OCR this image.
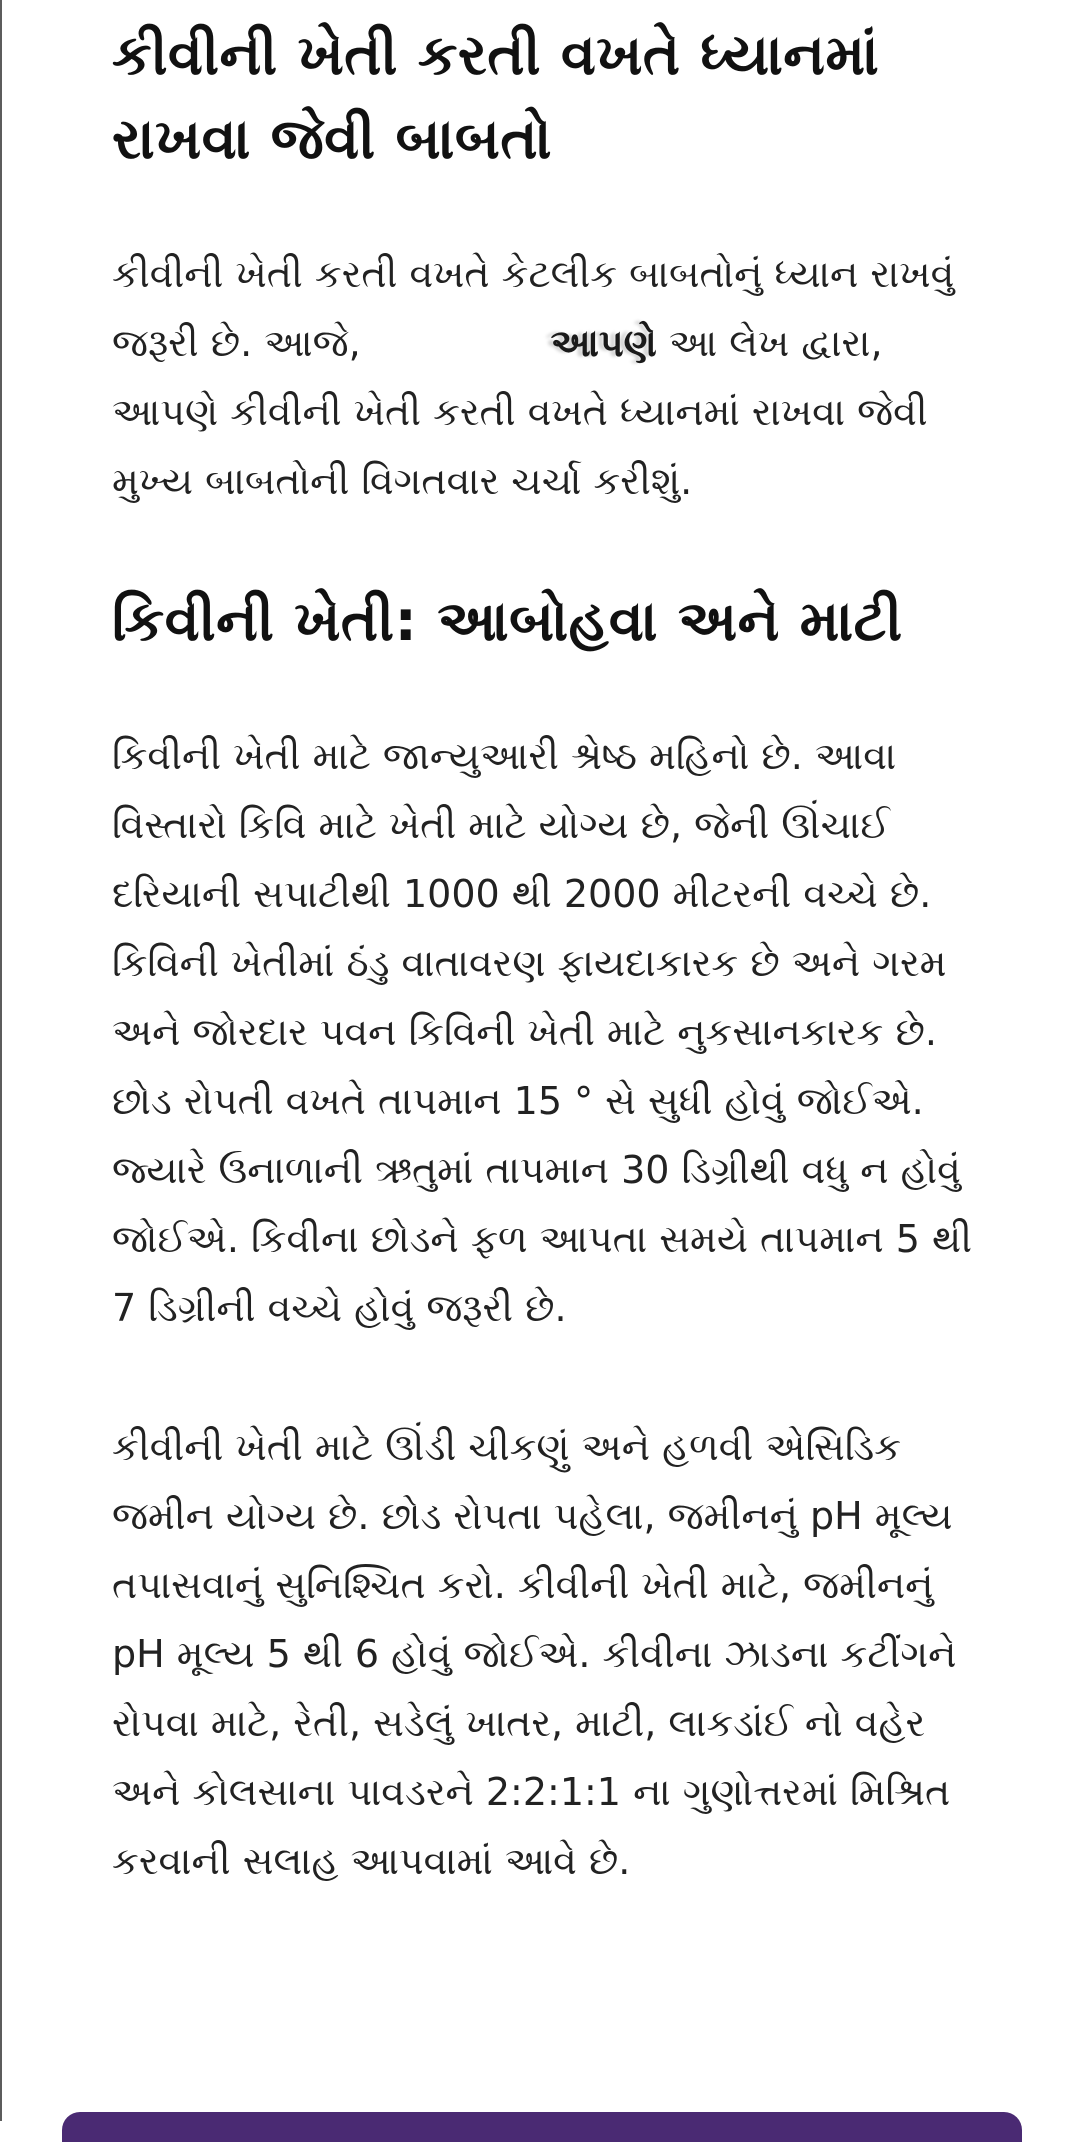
કીવીની ખેતી કરતી વખતે ધ્યાનમાં રાખવા જેવી બાબતો

કીવીની ખેતી કરતી વખતે કેટલીક બાબતોનું ધ્યાન રાખવું જરૂરી છે. આજે,	આપણે આ લેખ દ્વારા, આપણે કીવીની ખેતી કરતી વખતે ધ્યાનમાં રાખવા જેવી મુખ્ય બાબતોની વિગતવાર ચર્ચા કરીશું.

કિવીની ખેતી: આબોહવા અને માટી

કિવીની ખેતી માટે જાન્યુઆરી શ્રેષ્ઠ મહિનો છે. આવા વિસ્તારો કિવિ માટે ખેતી માટે યોગ્ય છે, જેની ઊંચાઈ દરિયાની સપાટીથી 1000 થી 2000 મીટરની વચ્ચે છે. કિવિની ખેતીમાં ઠંડુ વાતાવરણ ફાયદાકારક છે અને ગરમ અને જોરદાર પવન કિવિની ખેતી માટે નુકસાનકારક છે. છોડ રોપતી વખતે તાપમાન 15 ° સે સુધી હોવું જોઈએ. જ્યારે ઉનાળાની ઋતુમાં તાપમાન 30 ડિગ્રીથી વધુ ન હોવું જોઈએ. કિવીના છોડને ફળ આપતા સમયે તાપમાન 5 થી 7 ડિગ્રીની વચ્ચે હોવું જરૂરી છે.

કીવીની ખેતી માટે ઊંડી ચીકણું અને હળવી એસિડિક જમીન યોગ્ય છે. છોડ રોપતા પહેલા, જમીનનું pH મૂલ્ય તપાસવાનું સુનિશ્ચિત કરો. કીવીની ખેતી માટે, જમીનનું pH મૂલ્ય 5 થી 6 હોવું જોઈએ. કીવીના ઝાડના કટીંગને રોપવા માટે, રેતી, સડેલું ખાતર, માટી, લાકડાંઈ નો વહેર અને કોલસાના પાવડરને 2:2:1:1 ના ગુણોત્તરમાં મિશ્રિત કરવાની સલાહ આપવામાં આવે છે.
